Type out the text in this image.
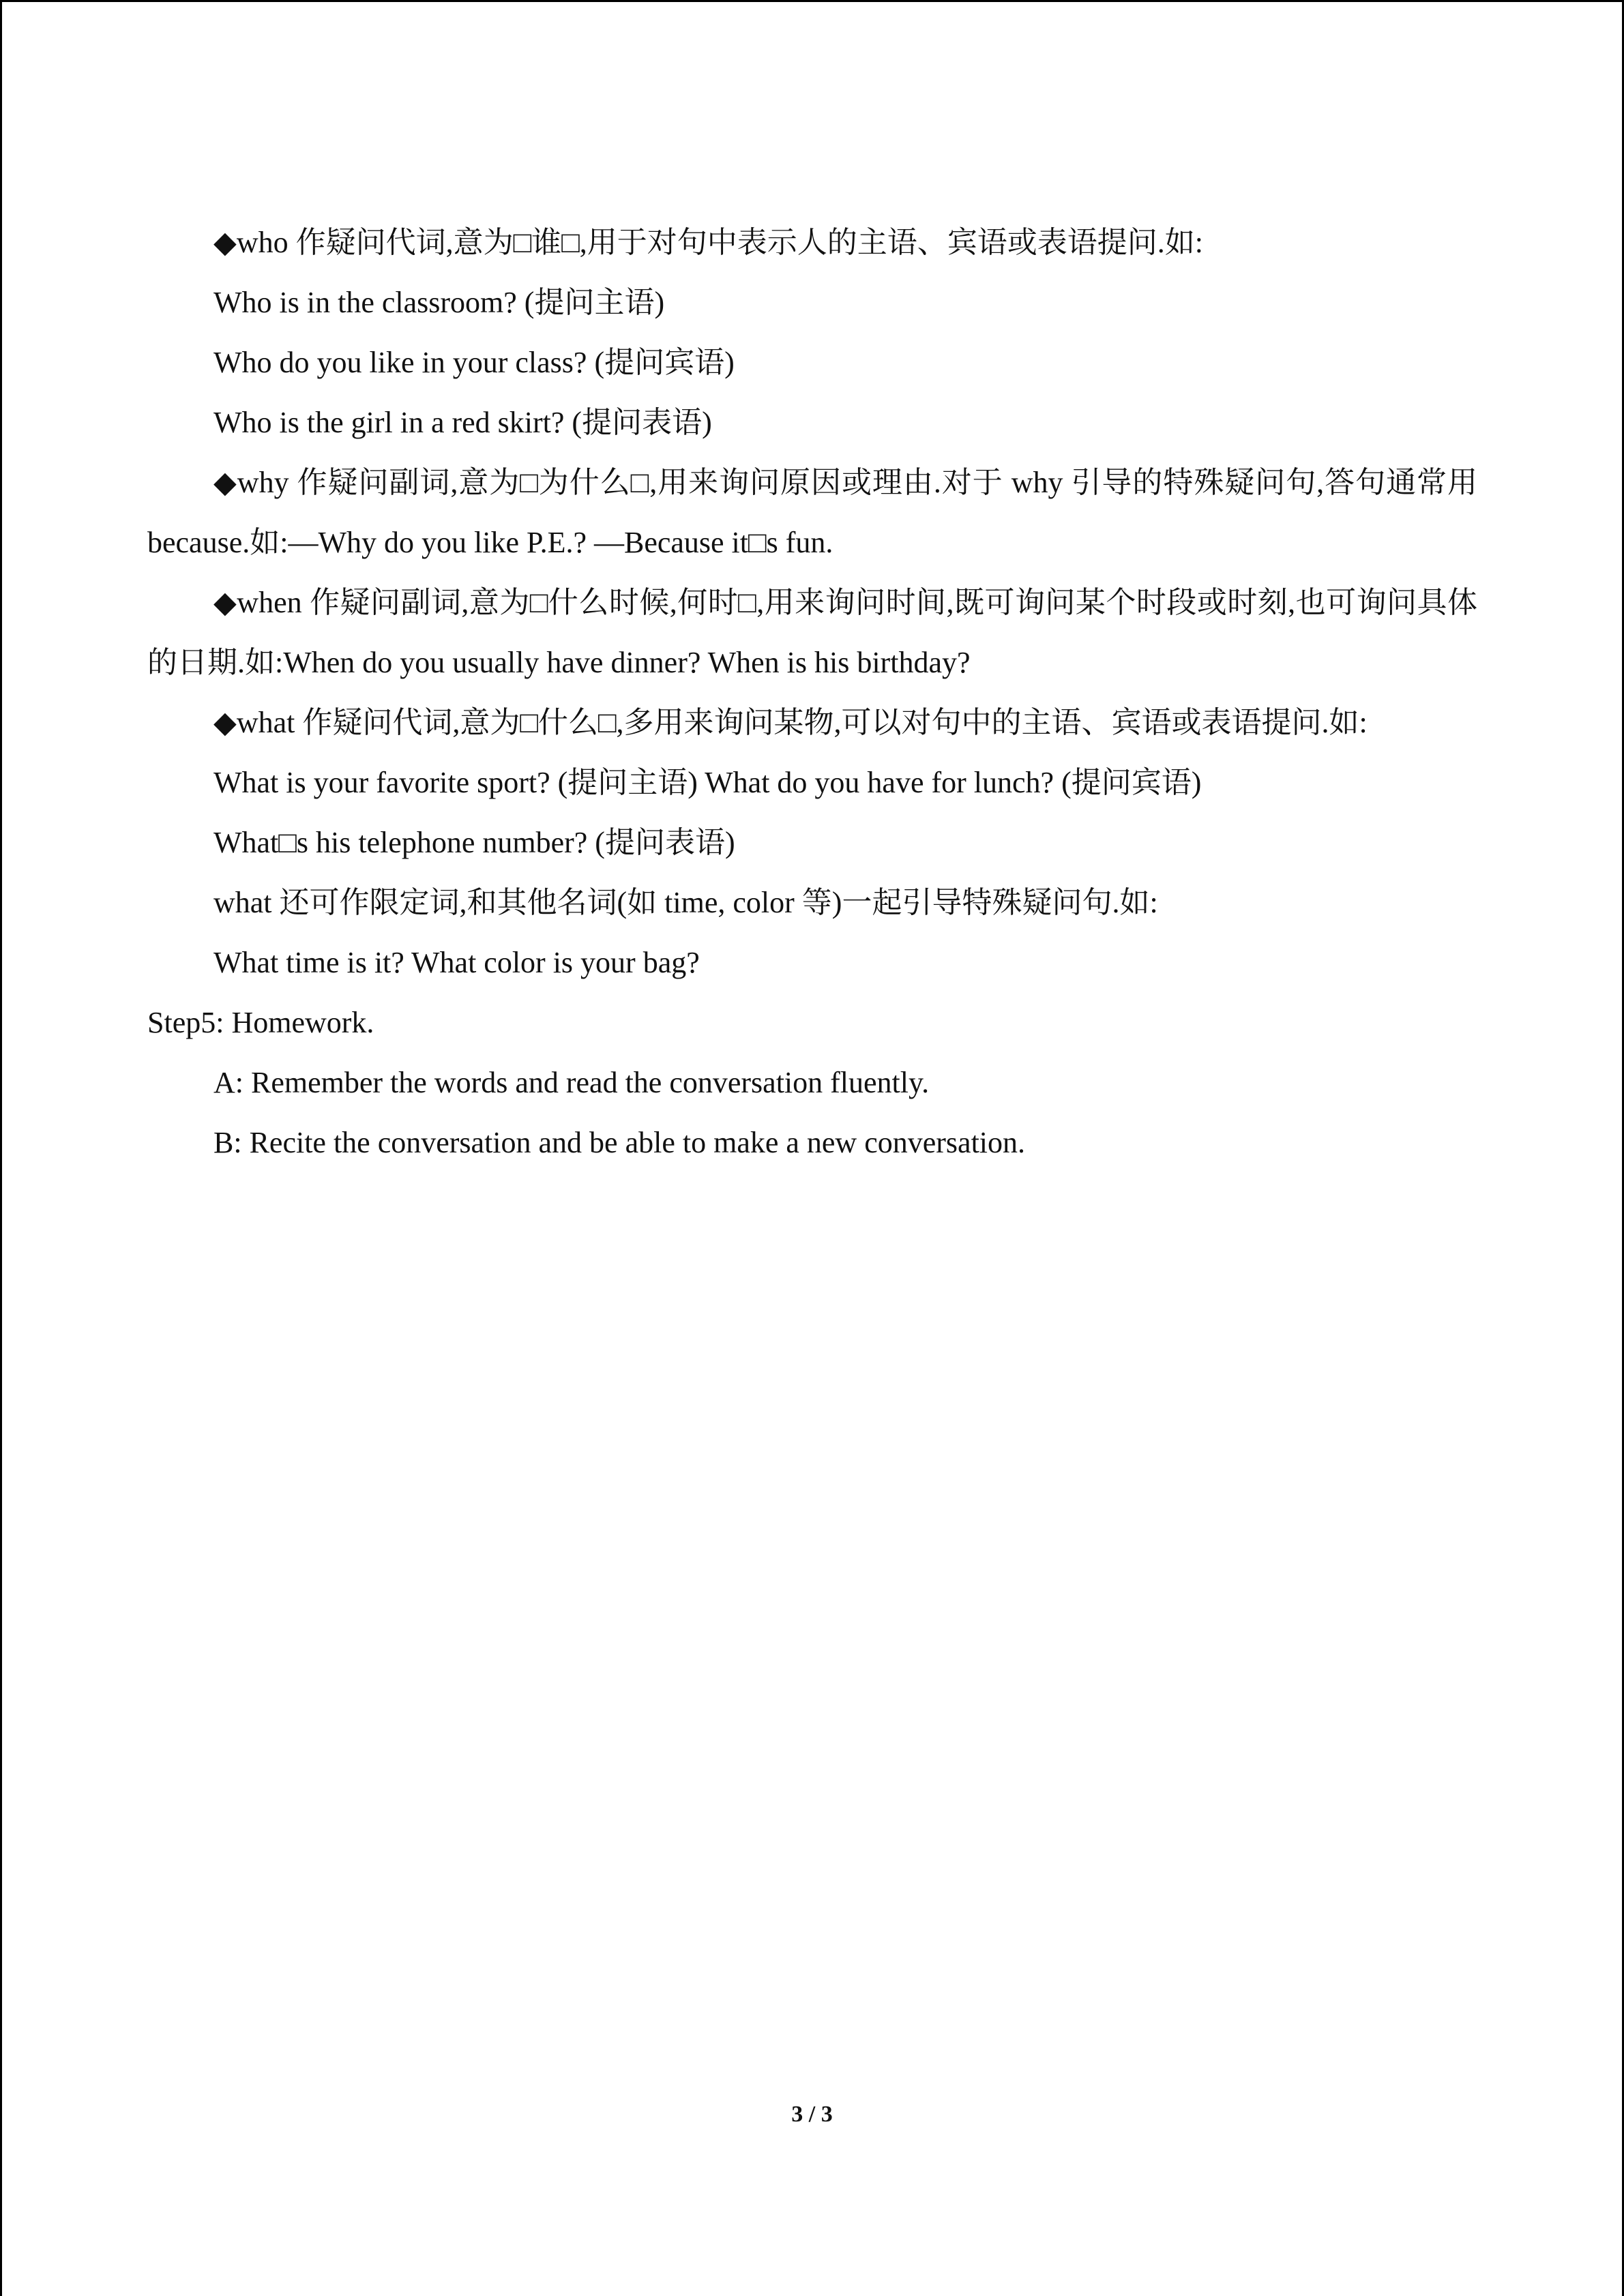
◆who 作疑问代词,意为□谁□,用于对句中表示人的主语、宾语或表语提问.如:

Who is in the classroom? (提问主语)

Who do you like in your class? (提问宾语)

Who is the girl in a red skirt? (提问表语)

◆why 作疑问副词,意为□为什么□,用来询问原因或理由.对于 why 引导的特殊疑问句,答句通常用 because.如:—Why do you like P.E.? —Because it□s fun.

◆when 作疑问副词,意为□什么时候,何时□,用来询问时间,既可询问某个时段或时刻,也可询问具体的日期.如:When do you usually have dinner? When is his birthday?

◆what 作疑问代词,意为□什么□,多用来询问某物,可以对句中的主语、宾语或表语提问.如:

What is your favorite sport? (提问主语) What do you have for lunch? (提问宾语)

What□s his telephone number? (提问表语)

what 还可作限定词,和其他名词(如 time, color 等)一起引导特殊疑问句.如:

What time is it? What color is your bag?

Step5: Homework.

A: Remember the words and read the conversation fluently.

B: Recite the conversation and be able to make a new conversation.

3 / 3
